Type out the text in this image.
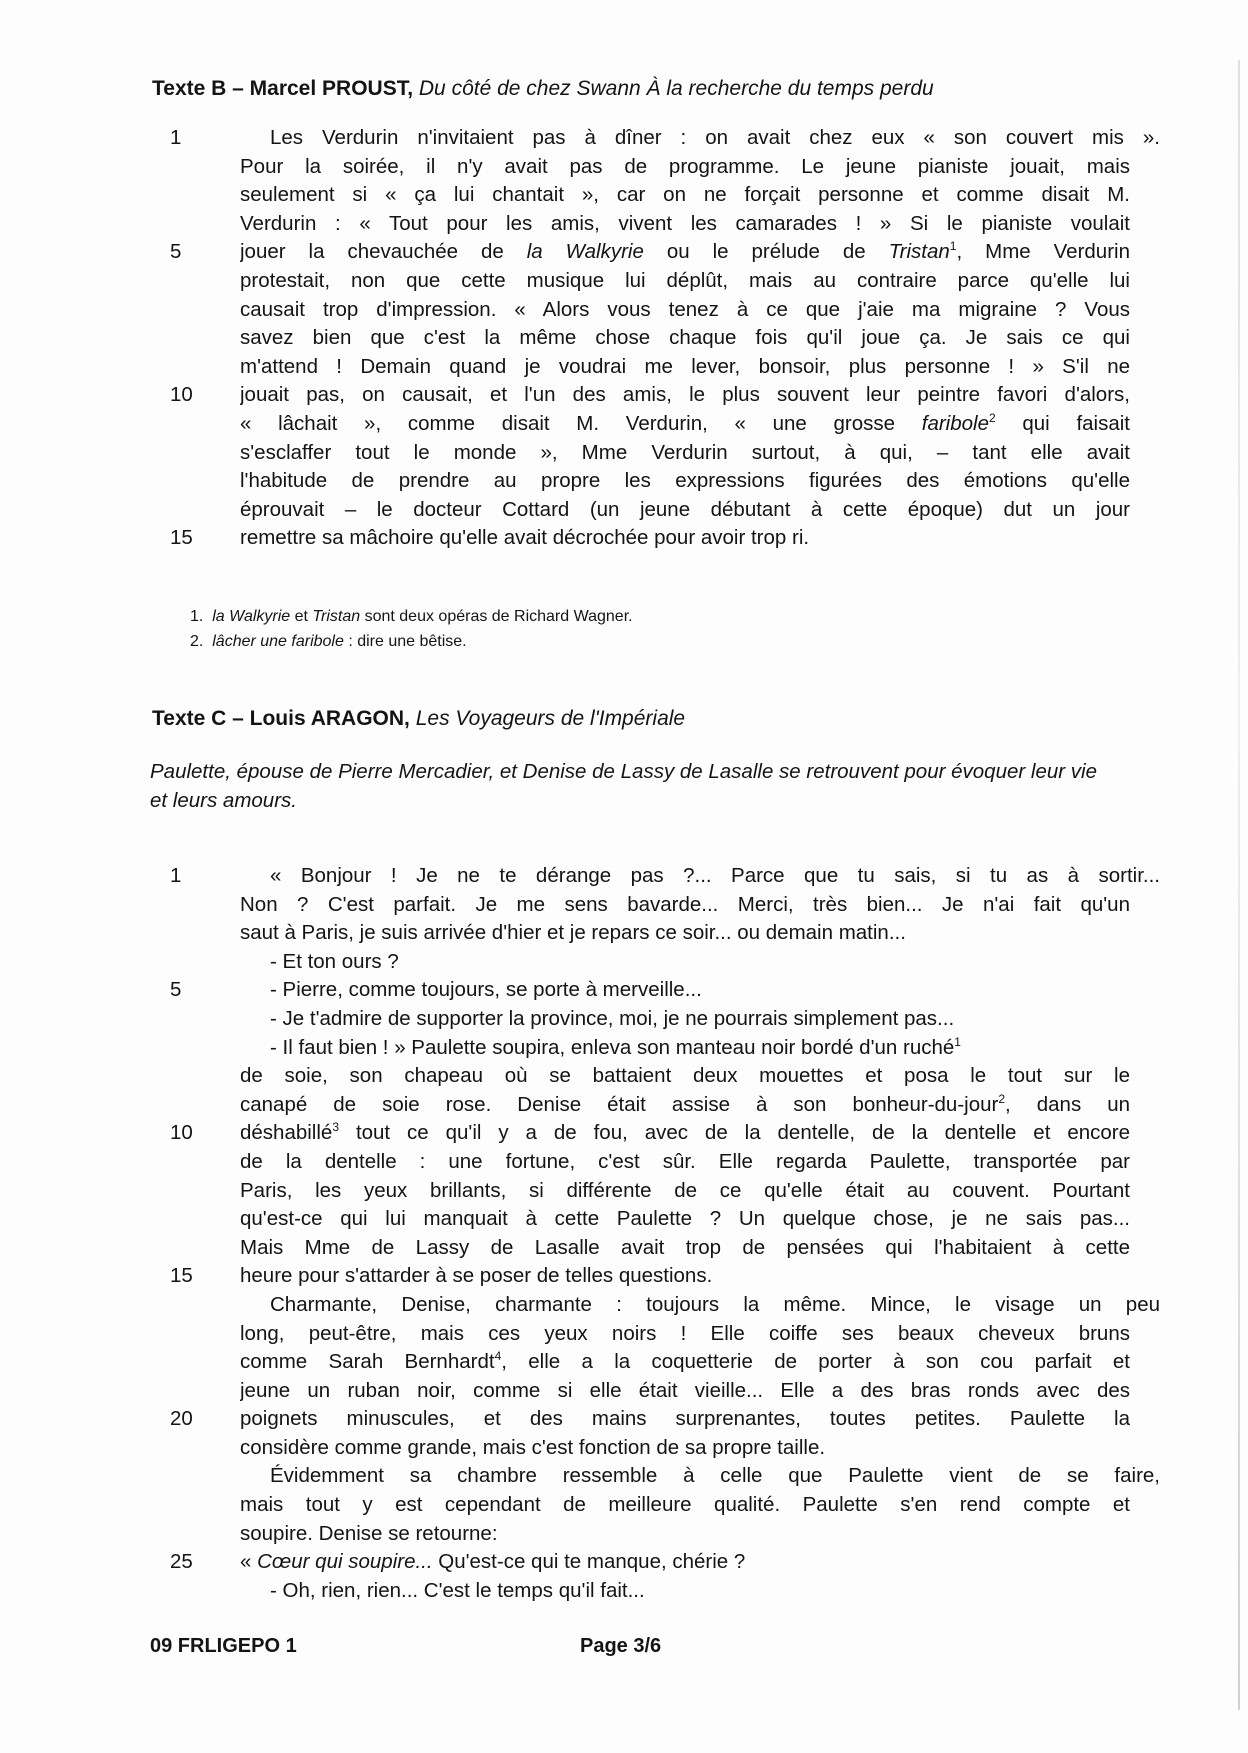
Texte B – Marcel PROUST, Du côté de chez Swann À la recherche du temps perdu
1	Les Verdurin n'invitaient pas à dîner : on avait chez eux « son couvert mis ».
Pour la soirée, il n'y avait pas de programme. Le jeune pianiste jouait, mais
seulement si « ça lui chantait », car on ne forçait personne et comme disait M.
Verdurin : « Tout pour les amis, vivent les camarades ! » Si le pianiste voulait
5	jouer la chevauchée de la Walkyrie ou le prélude de Tristan$^1$, Mme Verdurin
protestait, non que cette musique lui déplût, mais au contraire parce qu'elle lui
causait trop d'impression. « Alors vous tenez à ce que j'aie ma migraine ? Vous
savez bien que c'est la même chose chaque fois qu'il joue ça. Je sais ce qui
m'attend ! Demain quand je voudrai me lever, bonsoir, plus personne ! » S'il ne
10	jouait pas, on causait, et l'un des amis, le plus souvent leur peintre favori d'alors,
« lâchait », comme disait M. Verdurin, « une grosse faribole$^2$ qui faisait
s'esclaffer tout le monde », Mme Verdurin surtout, à qui, – tant elle avait
l'habitude de prendre au propre les expressions figurées des émotions qu'elle
éprouvait – le docteur Cottard (un jeune débutant à cette époque) dut un jour
15	remettre sa mâchoire qu'elle avait décrochée pour avoir trop ri.
1. la Walkyrie et Tristan sont deux opéras de Richard Wagner.
2. lâcher une faribole : dire une bêtise.
Texte C – Louis ARAGON, Les Voyageurs de l'Impériale
Paulette, épouse de Pierre Mercadier, et Denise de Lassy de Lasalle se retrouvent pour évoquer leur vie et leurs amours.
1	« Bonjour ! Je ne te dérange pas ?... Parce que tu sais, si tu as à sortir...
Non ? C'est parfait. Je me sens bavarde... Merci, très bien... Je n'ai fait qu'un
saut à Paris, je suis arrivée d'hier et je repars ce soir... ou demain matin...
- Et ton ours ?
5	- Pierre, comme toujours, se porte à merveille...
- Je t'admire de supporter la province, moi, je ne pourrais simplement pas...
- Il faut bien ! » Paulette soupira, enleva son manteau noir bordé d'un ruché$^1$
de soie, son chapeau où se battaient deux mouettes et posa le tout sur le
canapé de soie rose. Denise était assise à son bonheur-du-jour$^2$, dans un
10	déshabillé$^3$ tout ce qu'il y a de fou, avec de la dentelle, de la dentelle et encore
de la dentelle : une fortune, c'est sûr. Elle regarda Paulette, transportée par
Paris, les yeux brillants, si différente de ce qu'elle était au couvent. Pourtant
qu'est-ce qui lui manquait à cette Paulette ? Un quelque chose, je ne sais pas...
Mais Mme de Lassy de Lasalle avait trop de pensées qui l'habitaient à cette
15	heure pour s'attarder à se poser de telles questions.
Charmante, Denise, charmante : toujours la même. Mince, le visage un peu
long, peut-être, mais ces yeux noirs ! Elle coiffe ses beaux cheveux bruns
comme Sarah Bernhardt$^4$, elle a la coquetterie de porter à son cou parfait et
jeune un ruban noir, comme si elle était vieille... Elle a des bras ronds avec des
20	poignets minuscules, et des mains surprenantes, toutes petites. Paulette la
considère comme grande, mais c'est fonction de sa propre taille.
Évidemment sa chambre ressemble à celle que Paulette vient de se faire,
mais tout y est cependant de meilleure qualité. Paulette s'en rend compte et
soupire. Denise se retourne:
25	« Cœur qui soupire... Qu'est-ce qui te manque, chérie ?
- Oh, rien, rien... C'est le temps qu'il fait...
09 FRLIGEPO 1	Page 3/6
